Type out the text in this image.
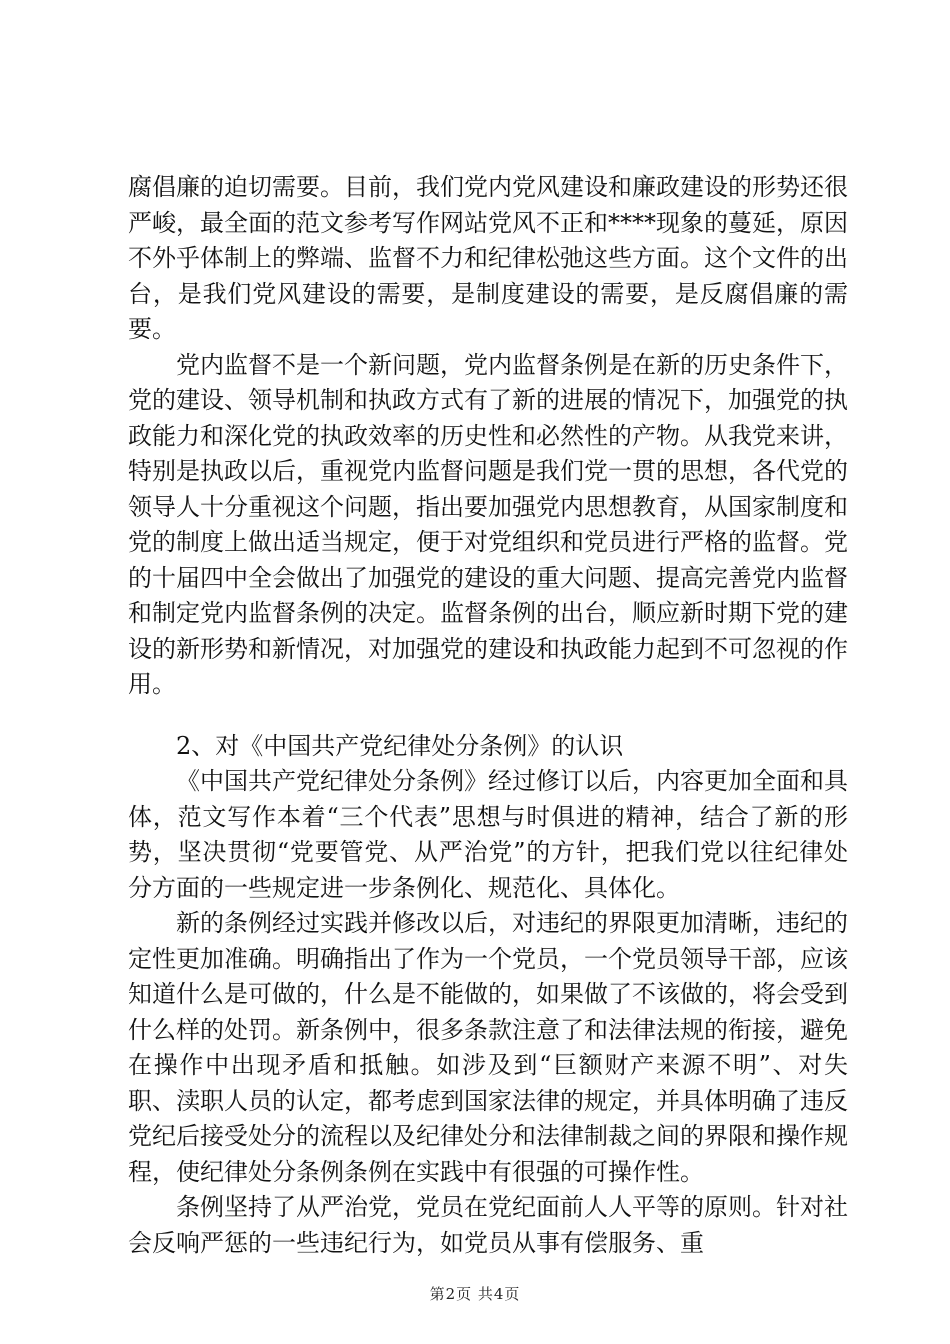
腐倡廉的迫切需要。目前，我们党内党风建设和廉政建设的形势还很严峻，最全面的范文参考写作网站党风不正和****现象的蔓延，原因不外乎体制上的弊端、监督不力和纪律松弛这些方面。这个文件的出台，是我们党风建设的需要，是制度建设的需要，是反腐倡廉的需要。

党内监督不是一个新问题，党内监督条例是在新的历史条件下，党的建设、领导机制和执政方式有了新的进展的情况下，加强党的执政能力和深化党的执政效率的历史性和必然性的产物。从我党来讲，特别是执政以后，重视党内监督问题是我们党一贯的思想，各代党的领导人十分重视这个问题，指出要加强党内思想教育，从国家制度和党的制度上做出适当规定，便于对党组织和党员进行严格的监督。党的十届四中全会做出了加强党的建设的重大问题、提高完善党内监督和制定党内监督条例的决定。监督条例的出台，顺应新时期下党的建设的新形势和新情况，对加强党的建设和执政能力起到不可忽视的作用。

2、对《中国共产党纪律处分条例》的认识

《中国共产党纪律处分条例》经过修订以后，内容更加全面和具体，范文写作本着“三个代表”思想与时俱进的精神，结合了新的形势，坚决贯彻“党要管党、从严治党”的方针，把我们党以往纪律处分方面的一些规定进一步条例化、规范化、具体化。

新的条例经过实践并修改以后，对违纪的界限更加清晰，违纪的定性更加准确。明确指出了作为一个党员，一个党员领导干部，应该知道什么是可做的，什么是不能做的，如果做了不该做的，将会受到什么样的处罚。新条例中，很多条款注意了和法律法规的衔接，避免在操作中出现矛盾和抵触。如涉及到“巨额财产来源不明”、对失职、渎职人员的认定，都考虑到国家法律的规定，并具体明确了违反党纪后接受处分的流程以及纪律处分和法律制裁之间的界限和操作规程，使纪律处分条例条例在实践中有很强的可操作性。

条例坚持了从严治党，党员在党纪面前人人平等的原则。针对社会反响严惩的一些违纪行为，如党员从事有偿服务、重

第2页 共4页
